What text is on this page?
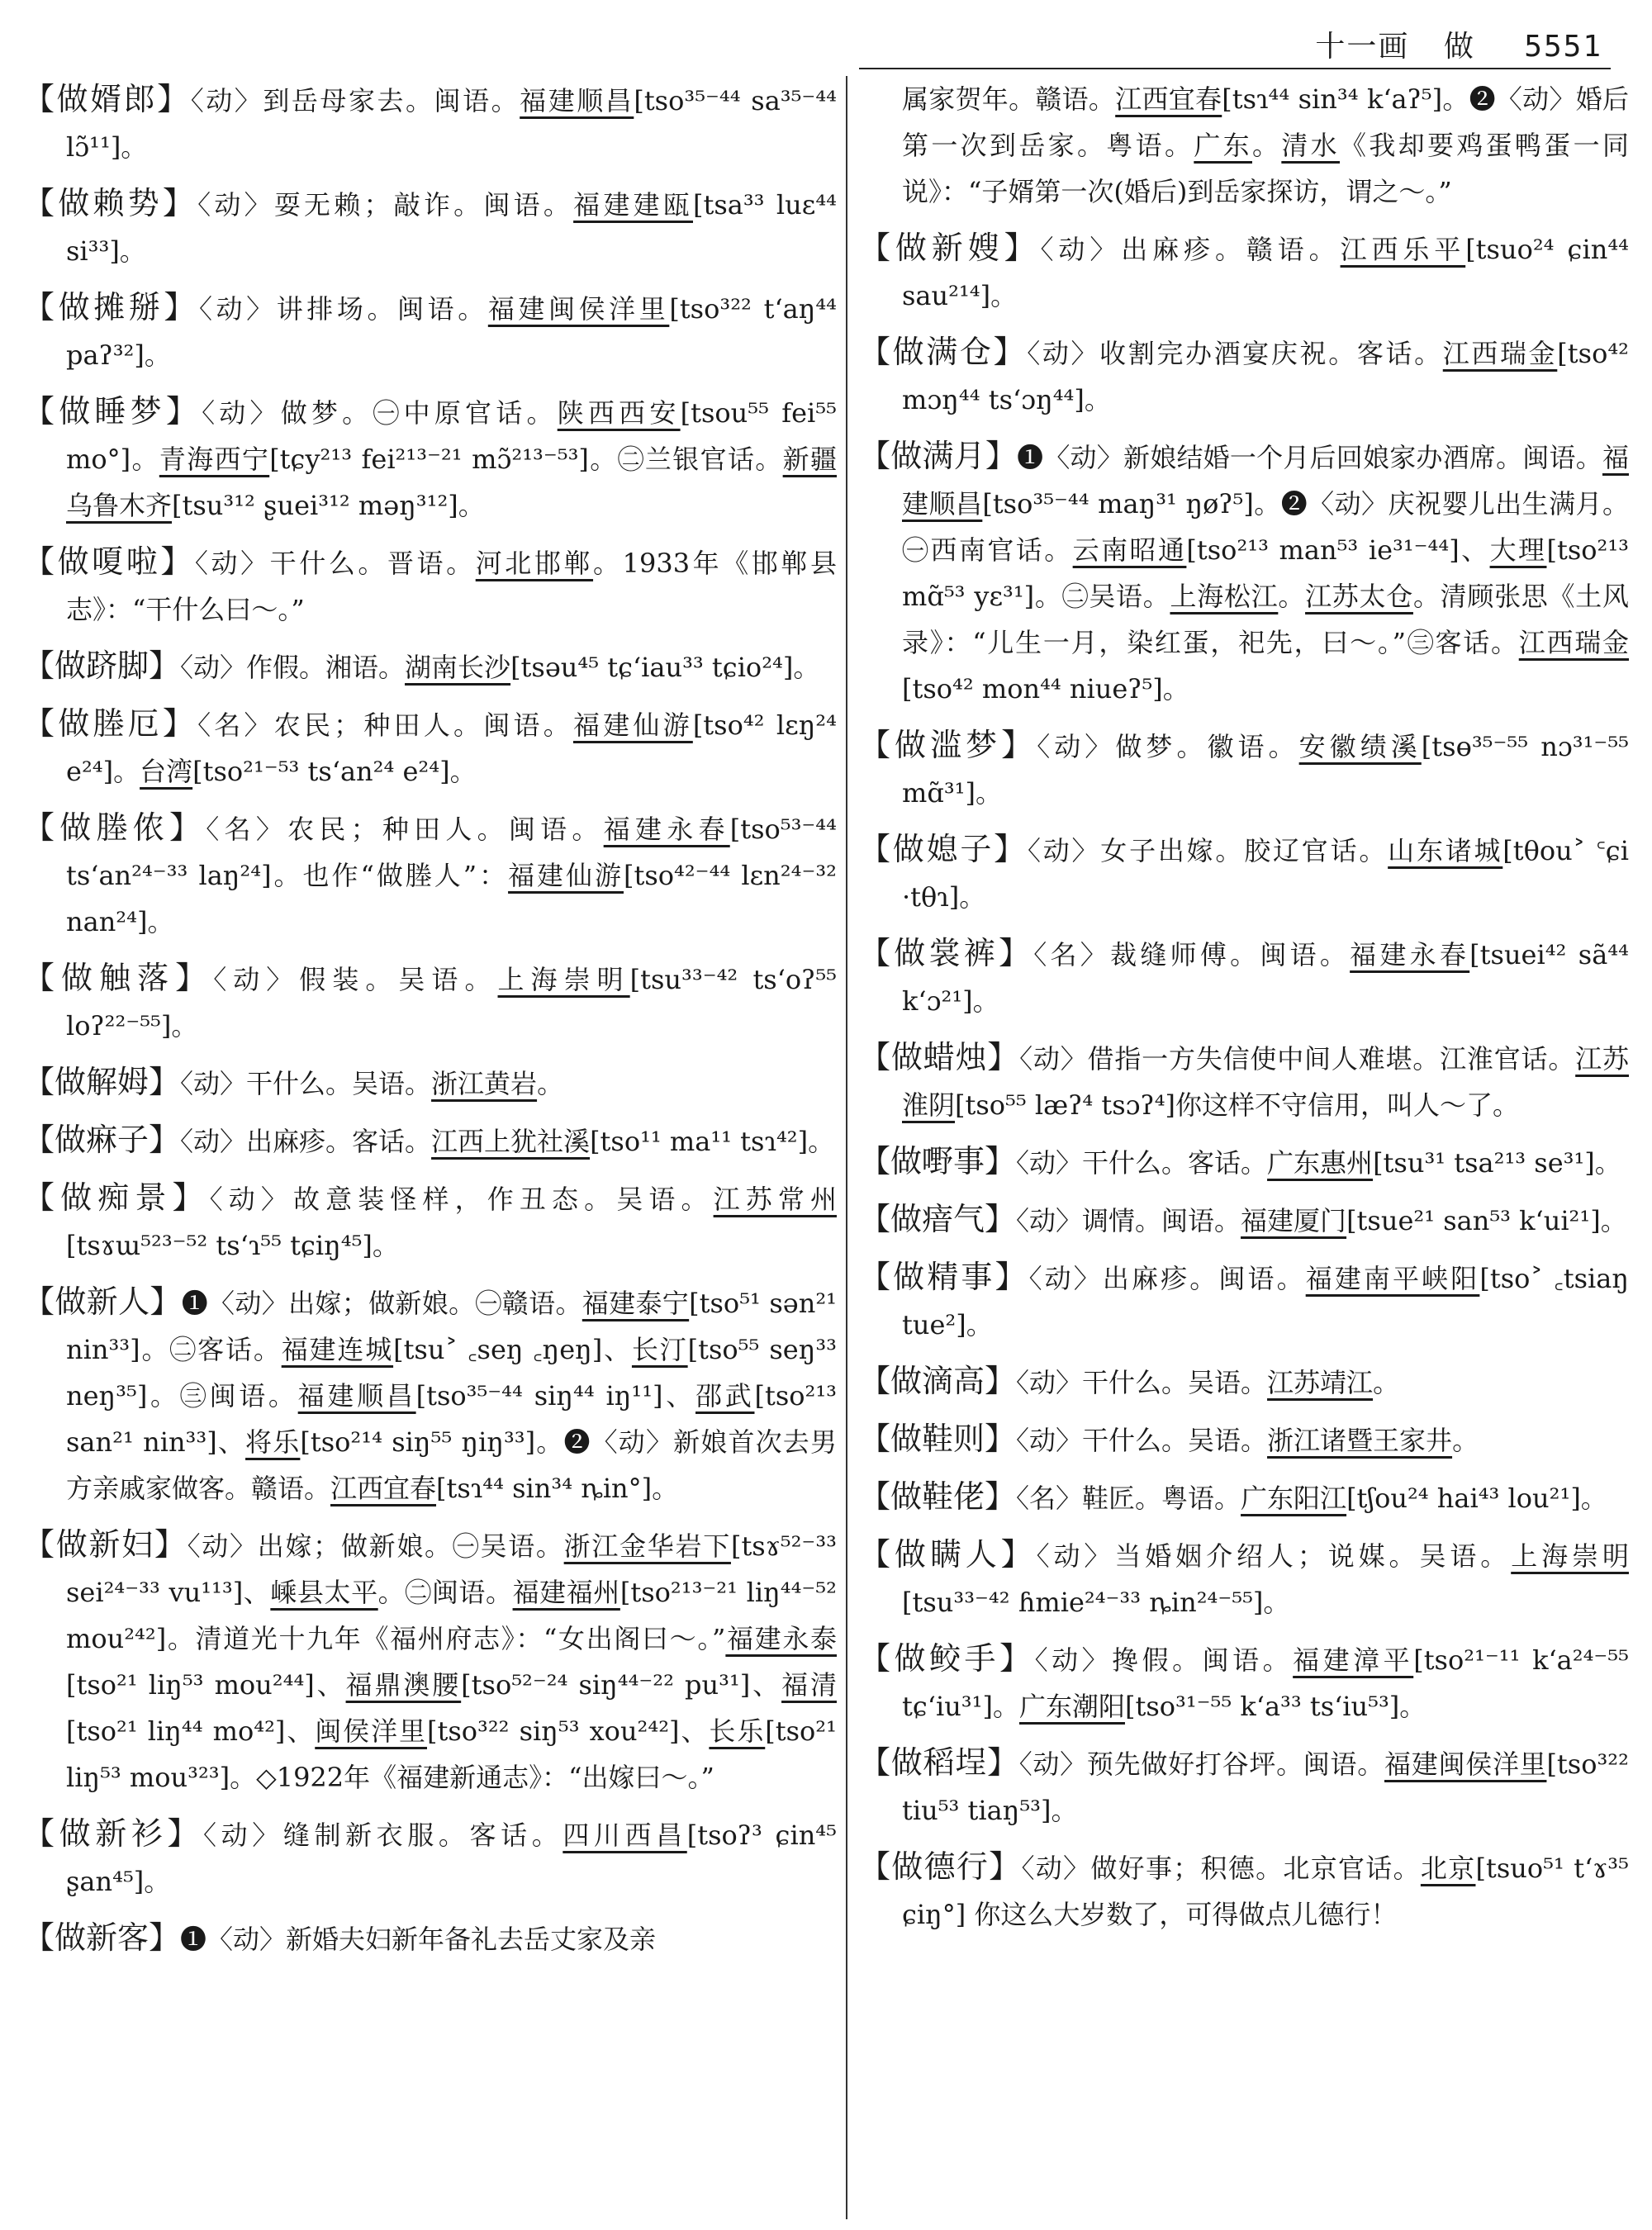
十一画 做 5551

【做婿郎】〈动〉到岳母家去。闽语。福建顺昌[tso³⁵⁻⁴⁴ sa³⁵⁻⁴⁴ lɔ̃¹¹]。

【做赖势】〈动〉耍无赖；敲诈。闽语。福建建瓯[tsa³³ luɛ⁴⁴ si³³]。

【做摊掰】〈动〉讲排场。闽语。福建闽侯洋里[tso³²² tʻaŋ⁴⁴ paʔ³²]。

【做睡梦】〈动〉做梦。㊀中原官话。陕西西安[tsou⁵⁵ fei⁵⁵ mo°]。青海西宁[tɕy²¹³ fei²¹³⁻²¹ mɔ̃²¹³⁻⁵³]。㊁兰银官话。新疆乌鲁木齐[tsu³¹² ʂuei³¹² məŋ³¹²]。

【做嗄啦】〈动〉干什么。晋语。河北邯郸。1933年《邯郸县志》：“干什么曰～。”

【做跻脚】〈动〉作假。湘语。湖南长沙[tsəu⁴⁵ tɕʻiau³³ tɕio²⁴]。

【做塍厄】〈名〉农民；种田人。闽语。福建仙游[tso⁴² lɛŋ²⁴ e²⁴]。台湾[tso²¹⁻⁵³ tsʻan²⁴ e²⁴]。

【做塍侬】〈名〉农民；种田人。闽语。福建永春[tso⁵³⁻⁴⁴ tsʻan²⁴⁻³³ laŋ²⁴]。也作“做塍人”：福建仙游[tso⁴²⁻⁴⁴ lɛn²⁴⁻³² nan²⁴]。

【做触落】〈动〉假装。吴语。上海崇明[tsu³³⁻⁴² tsʻoʔ⁵⁵ loʔ²²⁻⁵⁵]。

【做解姆】〈动〉干什么。吴语。浙江黄岩。

【做痳子】〈动〉出麻疹。客话。江西上犹社溪[tso¹¹ ma¹¹ tsɿ⁴²]。

【做痴景】〈动〉故意装怪样，作丑态。吴语。江苏常州[tsɤɯ⁵²³⁻⁵² tsʻɿ⁵⁵ tɕiŋ⁴⁵]。

【做新人】❶〈动〉出嫁；做新娘。㊀赣语。福建泰宁[tso⁵¹ sən²¹ nin³³]。㊁客话。福建连城[tsu˃ ꜀seŋ ꜀ŋeŋ]、长汀[tso⁵⁵ seŋ³³ neŋ³⁵]。㊂闽语。福建顺昌[tso³⁵⁻⁴⁴ siŋ⁴⁴ iŋ¹¹]、邵武[tso²¹³ san²¹ nin³³]、将乐[tso²¹⁴ siŋ⁵⁵ ŋiŋ³³]。❷〈动〉新娘首次去男方亲戚家做客。赣语。江西宜春[tsɿ⁴⁴ sin³⁴ ȵin°]。

【做新妇】〈动〉出嫁；做新娘。㊀吴语。浙江金华岩下[tsɤ⁵²⁻³³ sei²⁴⁻³³ vu¹¹³]、嵊县太平。㊁闽语。福建福州[tso²¹³⁻²¹ liŋ⁴⁴⁻⁵² mou²⁴²]。清道光十九年《福州府志》：“女出阁曰～。”福建永泰[tso²¹ liŋ⁵³ mou²⁴⁴]、福鼎澳腰[tso⁵²⁻²⁴ siŋ⁴⁴⁻²² pu³¹]、福清[tso²¹ liŋ⁴⁴ mo⁴²]、闽侯洋里[tso³²² siŋ⁵³ xou²⁴²]、长乐[tso²¹ liŋ⁵³ mou³²³]。◇1922年《福建新通志》：“出嫁曰～。”

【做新衫】〈动〉缝制新衣服。客话。四川西昌[tsoʔ³ ɕin⁴⁵ ʂan⁴⁵]。

【做新客】❶〈动〉新婚夫妇新年备礼去岳丈家及亲

属家贺年。赣语。江西宜春[tsɿ⁴⁴ sin³⁴ kʻaʔ⁵]。❷〈动〉婚后第一次到岳家。粤语。广东。清水《我却要鸡蛋鸭蛋一同说》：“子婿第一次(婚后)到岳家探访，谓之～。”

【做新嫂】〈动〉出麻疹。赣语。江西乐平[tsuo²⁴ ɕin⁴⁴ sau²¹⁴]。

【做满仓】〈动〉收割完办酒宴庆祝。客话。江西瑞金[tso⁴² mɔŋ⁴⁴ tsʻɔŋ⁴⁴]。

【做满月】❶〈动〉新娘结婚一个月后回娘家办酒席。闽语。福建顺昌[tso³⁵⁻⁴⁴ maŋ³¹ ŋøʔ⁵]。❷〈动〉庆祝婴儿出生满月。㊀西南官话。云南昭通[tso²¹³ man⁵³ ie³¹⁻⁴⁴]、大理[tso²¹³ mɑ̃⁵³ yɛ³¹]。㊁吴语。上海松江。江苏太仓。清顾张思《土风录》：“儿生一月，染红蛋，祀先，曰～。”㊂客话。江西瑞金[tso⁴² mon⁴⁴ niueʔ⁵]。

【做滥梦】〈动〉做梦。徽语。安徽绩溪[tsɵ³⁵⁻⁵⁵ nɔ³¹⁻⁵⁵ mɑ̃³¹]。

【做媳子】〈动〉女子出嫁。胶辽官话。山东诸城[tθou˃ ꜂ɕi ·tθɿ]。

【做裳裤】〈名〉裁缝师傅。闽语。福建永春[tsuei⁴² sã⁴⁴ kʻɔ²¹]。

【做蜡烛】〈动〉借指一方失信使中间人难堪。江淮官话。江苏淮阴[tso⁵⁵ læʔ⁴ tsɔʔ⁴]你这样不守信用，叫人～了。

【做嘢事】〈动〉干什么。客话。广东惠州[tsu³¹ tsa²¹³ se³¹]。

【做瘖气】〈动〉调情。闽语。福建厦门[tsue²¹ san⁵³ kʻui²¹]。

【做精事】〈动〉出麻疹。闽语。福建南平峡阳[tso˃ ꜀tsiaŋ tue²]。

【做滴高】〈动〉干什么。吴语。江苏靖江。

【做鞋则】〈动〉干什么。吴语。浙江诸暨王家井。

【做鞋佬】〈名〉鞋匠。粤语。广东阳江[tʃou²⁴ hai⁴³ lou²¹]。

【做瞒人】〈动〉当婚姻介绍人；说媒。吴语。上海崇明[tsu³³⁻⁴² ɦmie²⁴⁻³³ ȵin²⁴⁻⁵⁵]。

【做鲛手】〈动〉搀假。闽语。福建漳平[tso²¹⁻¹¹ kʻa²⁴⁻⁵⁵ tɕʻiu³¹]。广东潮阳[tso³¹⁻⁵⁵ kʻa³³ tsʻiu⁵³]。

【做稻埕】〈动〉预先做好打谷坪。闽语。福建闽侯洋里[tso³²² tiu⁵³ tiaŋ⁵³]。

【做德行】〈动〉做好事；积德。北京官话。北京[tsuo⁵¹ tʻɤ³⁵ ɕiŋ°] 你这么大岁数了，可得做点儿德行！
